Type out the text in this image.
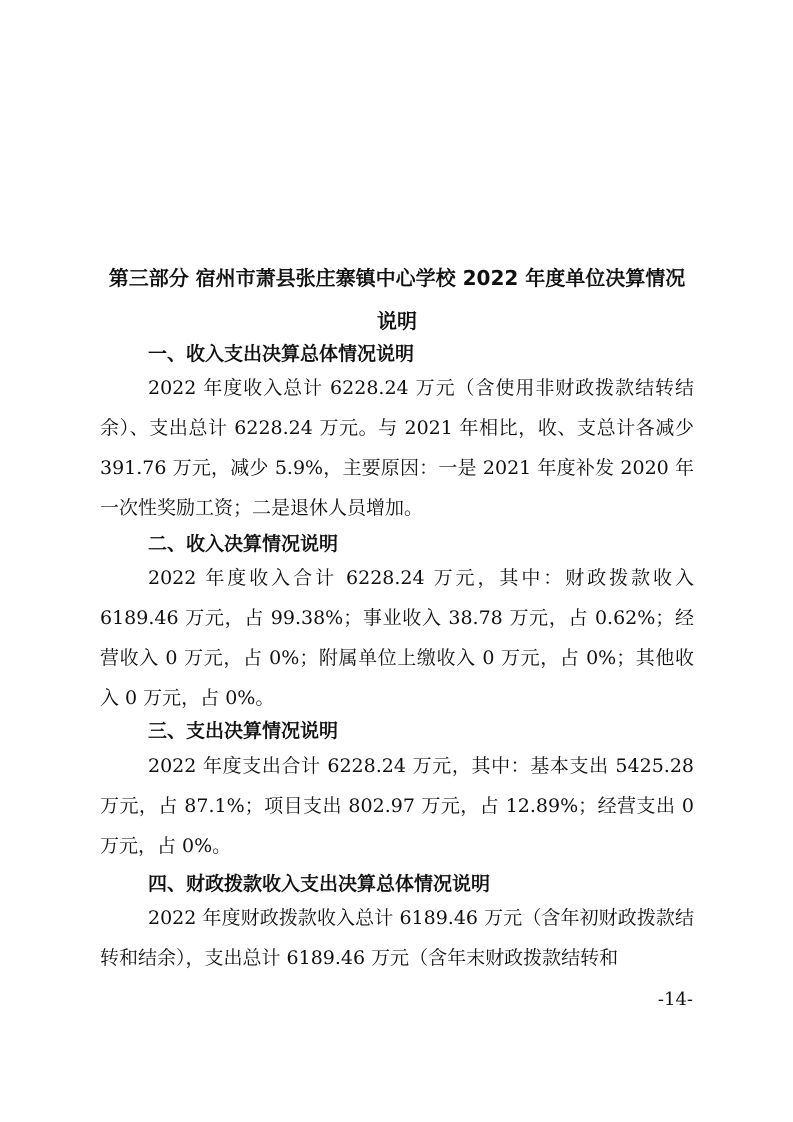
第三部分 宿州市萧县张庄寨镇中心学校 2022 年度单位决算情况说明
一、收入支出决算总体情况说明

2022 年度收入总计 6228.24 万元（含使用非财政拨款结转结余）、支出总计 6228.24 万元。与 2021 年相比，收、支总计各减少 391.76 万元，减少 5.9%，主要原因：一是 2021 年度补发 2020 年一次性奖励工资；二是退休人员增加。

二、收入决算情况说明

2022 年度收入合计 6228.24 万元，其中：财政拨款收入 6189.46 万元，占 99.38%；事业收入 38.78 万元，占 0.62%；经营收入 0 万元，占 0%；附属单位上缴收入 0 万元，占 0%；其他收入 0 万元，占 0%。

三、支出决算情况说明

2022 年度支出合计 6228.24 万元，其中：基本支出 5425.28 万元，占 87.1%；项目支出 802.97 万元，占 12.89%；经营支出 0 万元，占 0%。

四、财政拨款收入支出决算总体情况说明

2022 年度财政拨款收入总计 6189.46 万元（含年初财政拨款结转和结余），支出总计 6189.46 万元（含年末财政拨款结转和

-14-
